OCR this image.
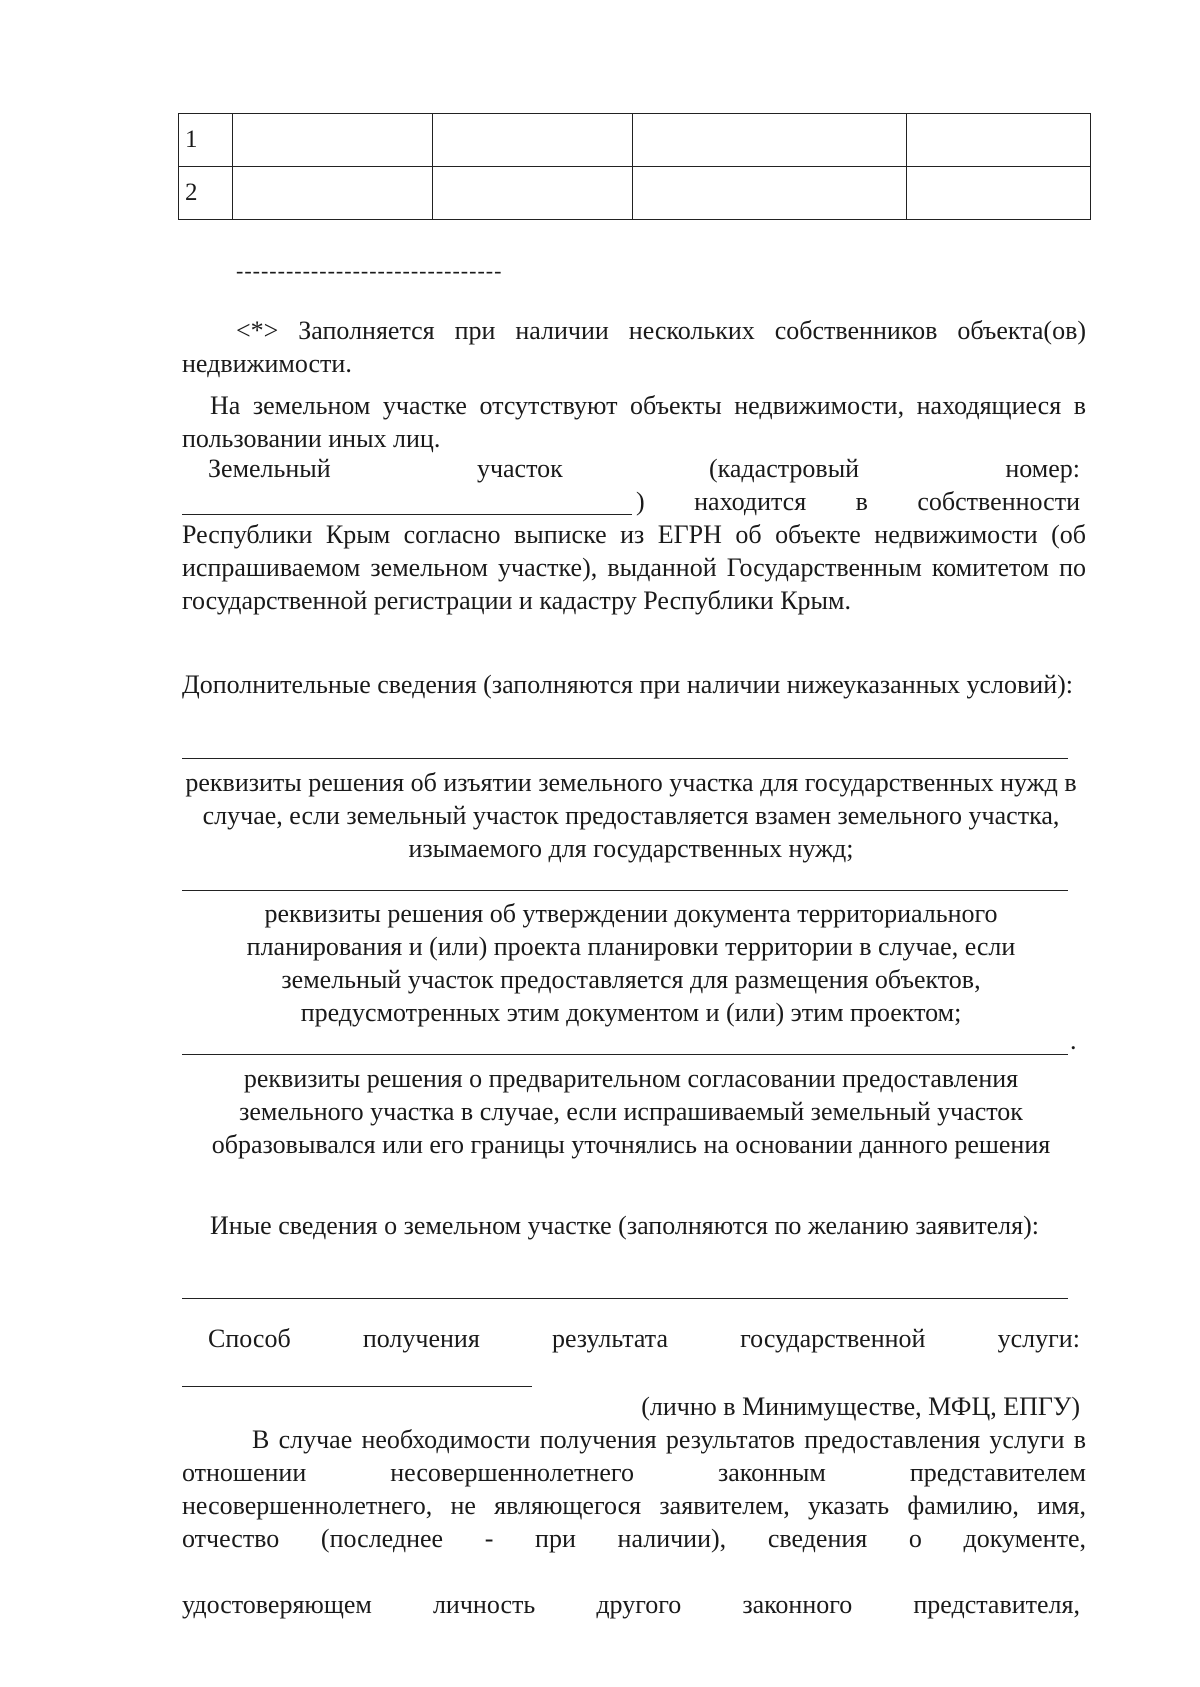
1				
2				
--------------------------------

<*> Заполняется при наличии нескольких собственников объекта(ов) недвижимости.

На земельном участке отсутствуют объекты недвижимости, находящиеся в пользовании иных лиц.

Земельный	участок	(кадастровый	номер:
) находится в собственности

Республики Крым согласно выписке из ЕГРН об объекте недвижимости (об испрашиваемом земельном участке), выданной Государственным комитетом по государственной регистрации и кадастру Республики Крым.

Дополнительные сведения (заполняются при наличии нижеуказанных условий):

реквизиты решения об изъятии земельного участка для государственных нужд в случае, если земельный участок предоставляется взамен земельного участка, изымаемого для государственных нужд;

реквизиты решения об утверждении документа территориального планирования и (или) проекта планировки территории в случае, если земельный участок предоставляется для размещения объектов, предусмотренных этим документом и (или) этим проектом;

.

реквизиты решения о предварительном согласовании предоставления земельного участка в случае, если испрашиваемый земельный участок образовывался или его границы уточнялись на основании данного решения

Иные сведения о земельном участке (заполняются по желанию заявителя):

Способ	получения	результата	государственной	услуги:
(лично в Минимуществе, МФЦ, ЕПГУ)

В случае необходимости получения результатов предоставления услуги в отношении несовершеннолетнего законным представителем несовершеннолетнего, не являющегося заявителем, указать фамилию, имя, отчество (последнее - при наличии), сведения о документе,

удостоверяющем личность другого законного представителя,
